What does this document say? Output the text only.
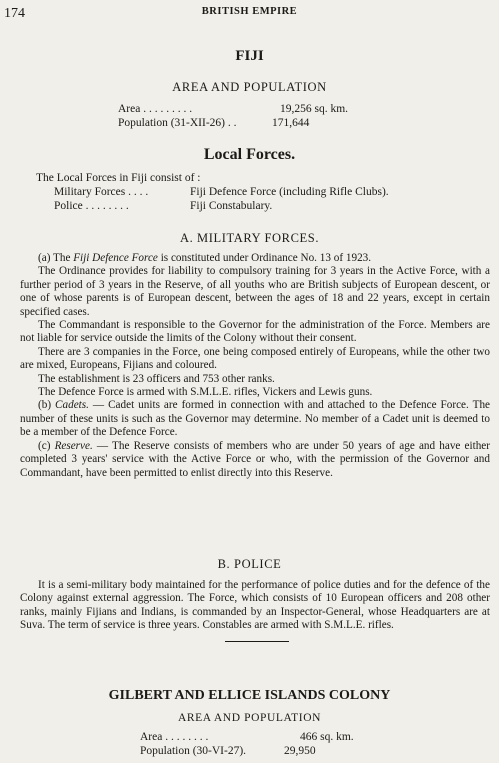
174	BRITISH EMPIRE
FIJI
AREA AND POPULATION
Area . . . . . . . . .	19,256 sq. km.
Population (31-XII-26) . .	171,644
Local Forces.
The Local Forces in Fiji consist of :
Military Forces . . . .	Fiji Defence Force (including Rifle Clubs).
Police . . . . . . . .	Fiji Constabulary.
A. MILITARY FORCES.

(a) The Fiji Defence Force is constituted under Ordinance No. 13 of 1923.

The Ordinance provides for liability to compulsory training for 3 years in the Active Force, with a further period of 3 years in the Reserve, of all youths who are British subjects of European descent, or one of whose parents is of European descent, between the ages of 18 and 22 years, except in certain specified cases.

The Commandant is responsible to the Governor for the administration of the Force. Members are not liable for service outside the limits of the Colony without their consent.

There are 3 companies in the Force, one being composed entirely of Europeans, while the other two are mixed, Europeans, Fijians and coloured.

The establishment is 23 officers and 753 other ranks.

The Defence Force is armed with S.M.L.E. rifles, Vickers and Lewis guns.

(b) Cadets. — Cadet units are formed in connection with and attached to the Defence Force. The number of these units is such as the Governor may determine. No member of a Cadet unit is deemed to be a member of the Defence Force.

(c) Reserve. — The Reserve consists of members who are under 50 years of age and have either completed 3 years' service with the Active Force or who, with the permission of the Governor and Commandant, have been permitted to enlist directly into this Reserve.

B. POLICE

It is a semi-military body maintained for the performance of police duties and for the defence of the Colony against external aggression. The Force, which consists of 10 European officers and 208 other ranks, mainly Fijians and Indians, is commanded by an Inspector-General, whose Headquarters are at Suva. The term of service is three years. Constables are armed with S.M.L.E. rifles.

GILBERT AND ELLICE ISLANDS COLONY
AREA AND POPULATION
Area . . . . . . . .	466 sq. km.
Population (30-VI-27).	29,950
